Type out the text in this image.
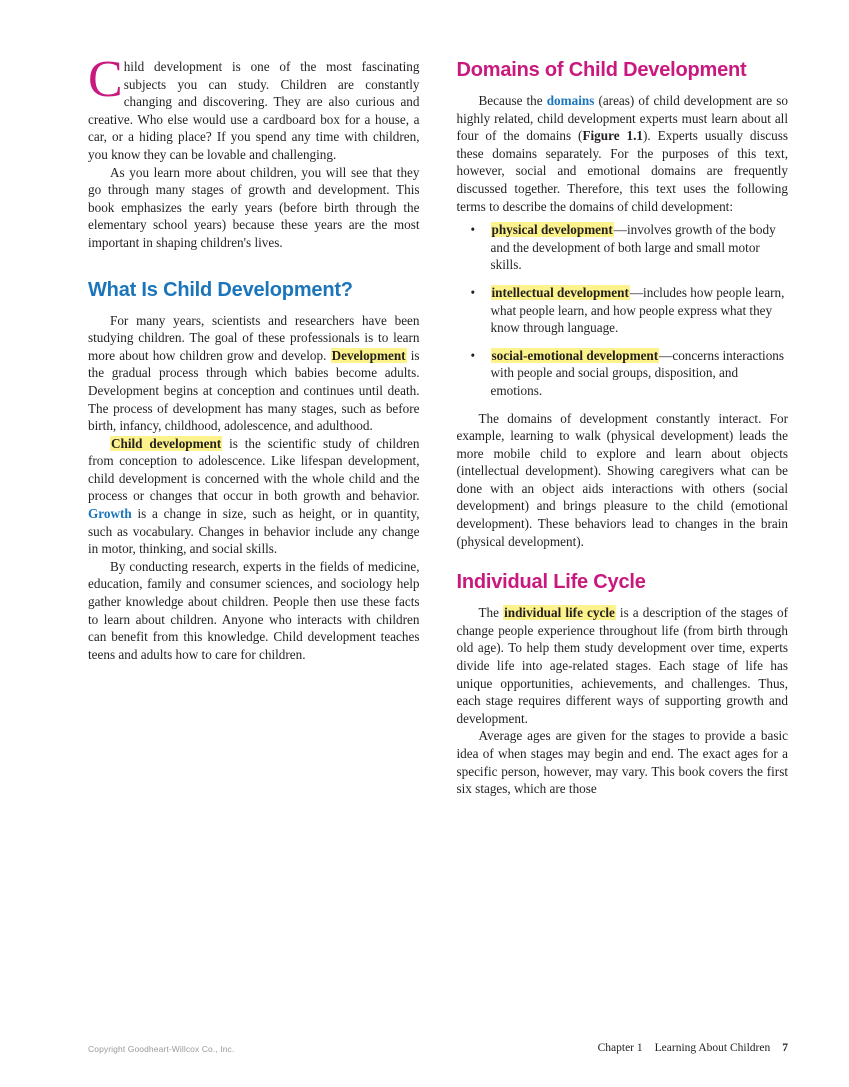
Child development is one of the most fascinating subjects you can study. Children are constantly changing and discovering. They are also curious and creative. Who else would use a cardboard box for a house, a car, or a hiding place? If you spend any time with children, you know they can be lovable and challenging.

As you learn more about children, you will see that they go through many stages of growth and development. This book emphasizes the early years (before birth through the elementary school years) because these years are the most important in shaping children's lives.

What Is Child Development?

For many years, scientists and researchers have been studying children. The goal of these professionals is to learn more about how children grow and develop. Development is the gradual process through which babies become adults. Development begins at conception and continues until death. The process of development has many stages, such as before birth, infancy, childhood, adolescence, and adulthood.

Child development is the scientific study of children from conception to adolescence. Like lifespan development, child development is concerned with the whole child and the process or changes that occur in both growth and behavior. Growth is a change in size, such as height, or in quantity, such as vocabulary. Changes in behavior include any change in motor, thinking, and social skills.

By conducting research, experts in the fields of medicine, education, family and consumer sciences, and sociology help gather knowledge about children. People then use these facts to learn about children. Anyone who interacts with children can benefit from this knowledge. Child development teaches teens and adults how to care for children.

Domains of Child Development

Because the domains (areas) of child development are so highly related, child development experts must learn about all four of the domains (Figure 1.1). Experts usually discuss these domains separately. For the purposes of this text, however, social and emotional domains are frequently discussed together. Therefore, this text uses the following terms to describe the domains of child development:

• physical development—involves growth of the body and the development of both large and small motor skills.
• intellectual development—includes how people learn, what people learn, and how people express what they know through language.
• social-emotional development—concerns interactions with people and social groups, disposition, and emotions.

The domains of development constantly interact. For example, learning to walk (physical development) leads the more mobile child to explore and learn about objects (intellectual development). Showing caregivers what can be done with an object aids interactions with others (social development) and brings pleasure to the child (emotional development). These behaviors lead to changes in the brain (physical development).

Individual Life Cycle

The individual life cycle is a description of the stages of change people experience throughout life (from birth through old age). To help them study development over time, experts divide life into age-related stages. Each stage of life has unique opportunities, achievements, and challenges. Thus, each stage requires different ways of supporting growth and development.

Average ages are given for the stages to provide a basic idea of when stages may begin and end. The exact ages for a specific person, however, may vary. This book covers the first six stages, which are those

Copyright Goodheart-Willcox Co., Inc.	Chapter 1 Learning About Children 7
